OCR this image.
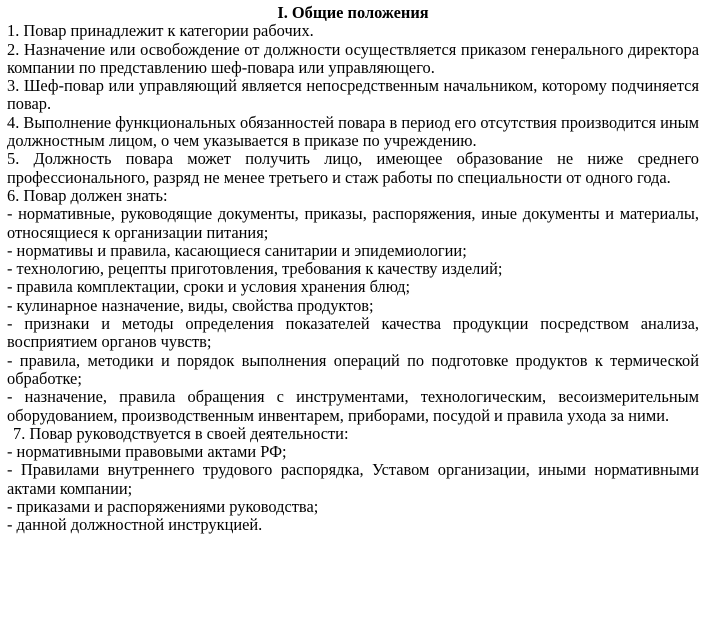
I. Общие положения

1. Повар принадлежит к категории рабочих.

2. Назначение или освобождение от должности осуществляется приказом генерального директора компании по представлению шеф-повара или управляющего.

3. Шеф-повар или управляющий является непосредственным начальником, которому подчиняется повар.

4. Выполнение функциональных обязанностей повара в период его отсутствия производится иным должностным лицом, о чем указывается в приказе по учреждению.

5. Должность повара может получить лицо, имеющее образование не ниже среднего профессионального, разряд не менее третьего и стаж работы по специальности от одного года.

6. Повар должен знать:

- нормативные, руководящие документы, приказы, распоряжения, иные документы и материалы, относящиеся к организации питания;

- нормативы и правила, касающиеся санитарии и эпидемиологии;

- технологию, рецепты приготовления, требования к качеству изделий;

- правила комплектации, сроки и условия хранения блюд;

- кулинарное назначение, виды, свойства продуктов;

- признаки и методы определения показателей качества продукции посредством анализа, восприятием органов чувств;

- правила, методики и порядок выполнения операций по подготовке продуктов к термической обработке;

- назначение, правила обращения с инструментами, технологическим, весоизмерительным оборудованием, производственным инвентарем, приборами, посудой и правила ухода за ними.

7. Повар руководствуется в своей деятельности:

- нормативными правовыми актами РФ;

- Правилами внутреннего трудового распорядка, Уставом организации, иными нормативными актами компании;

- приказами и распоряжениями руководства;

- данной должностной инструкцией.
